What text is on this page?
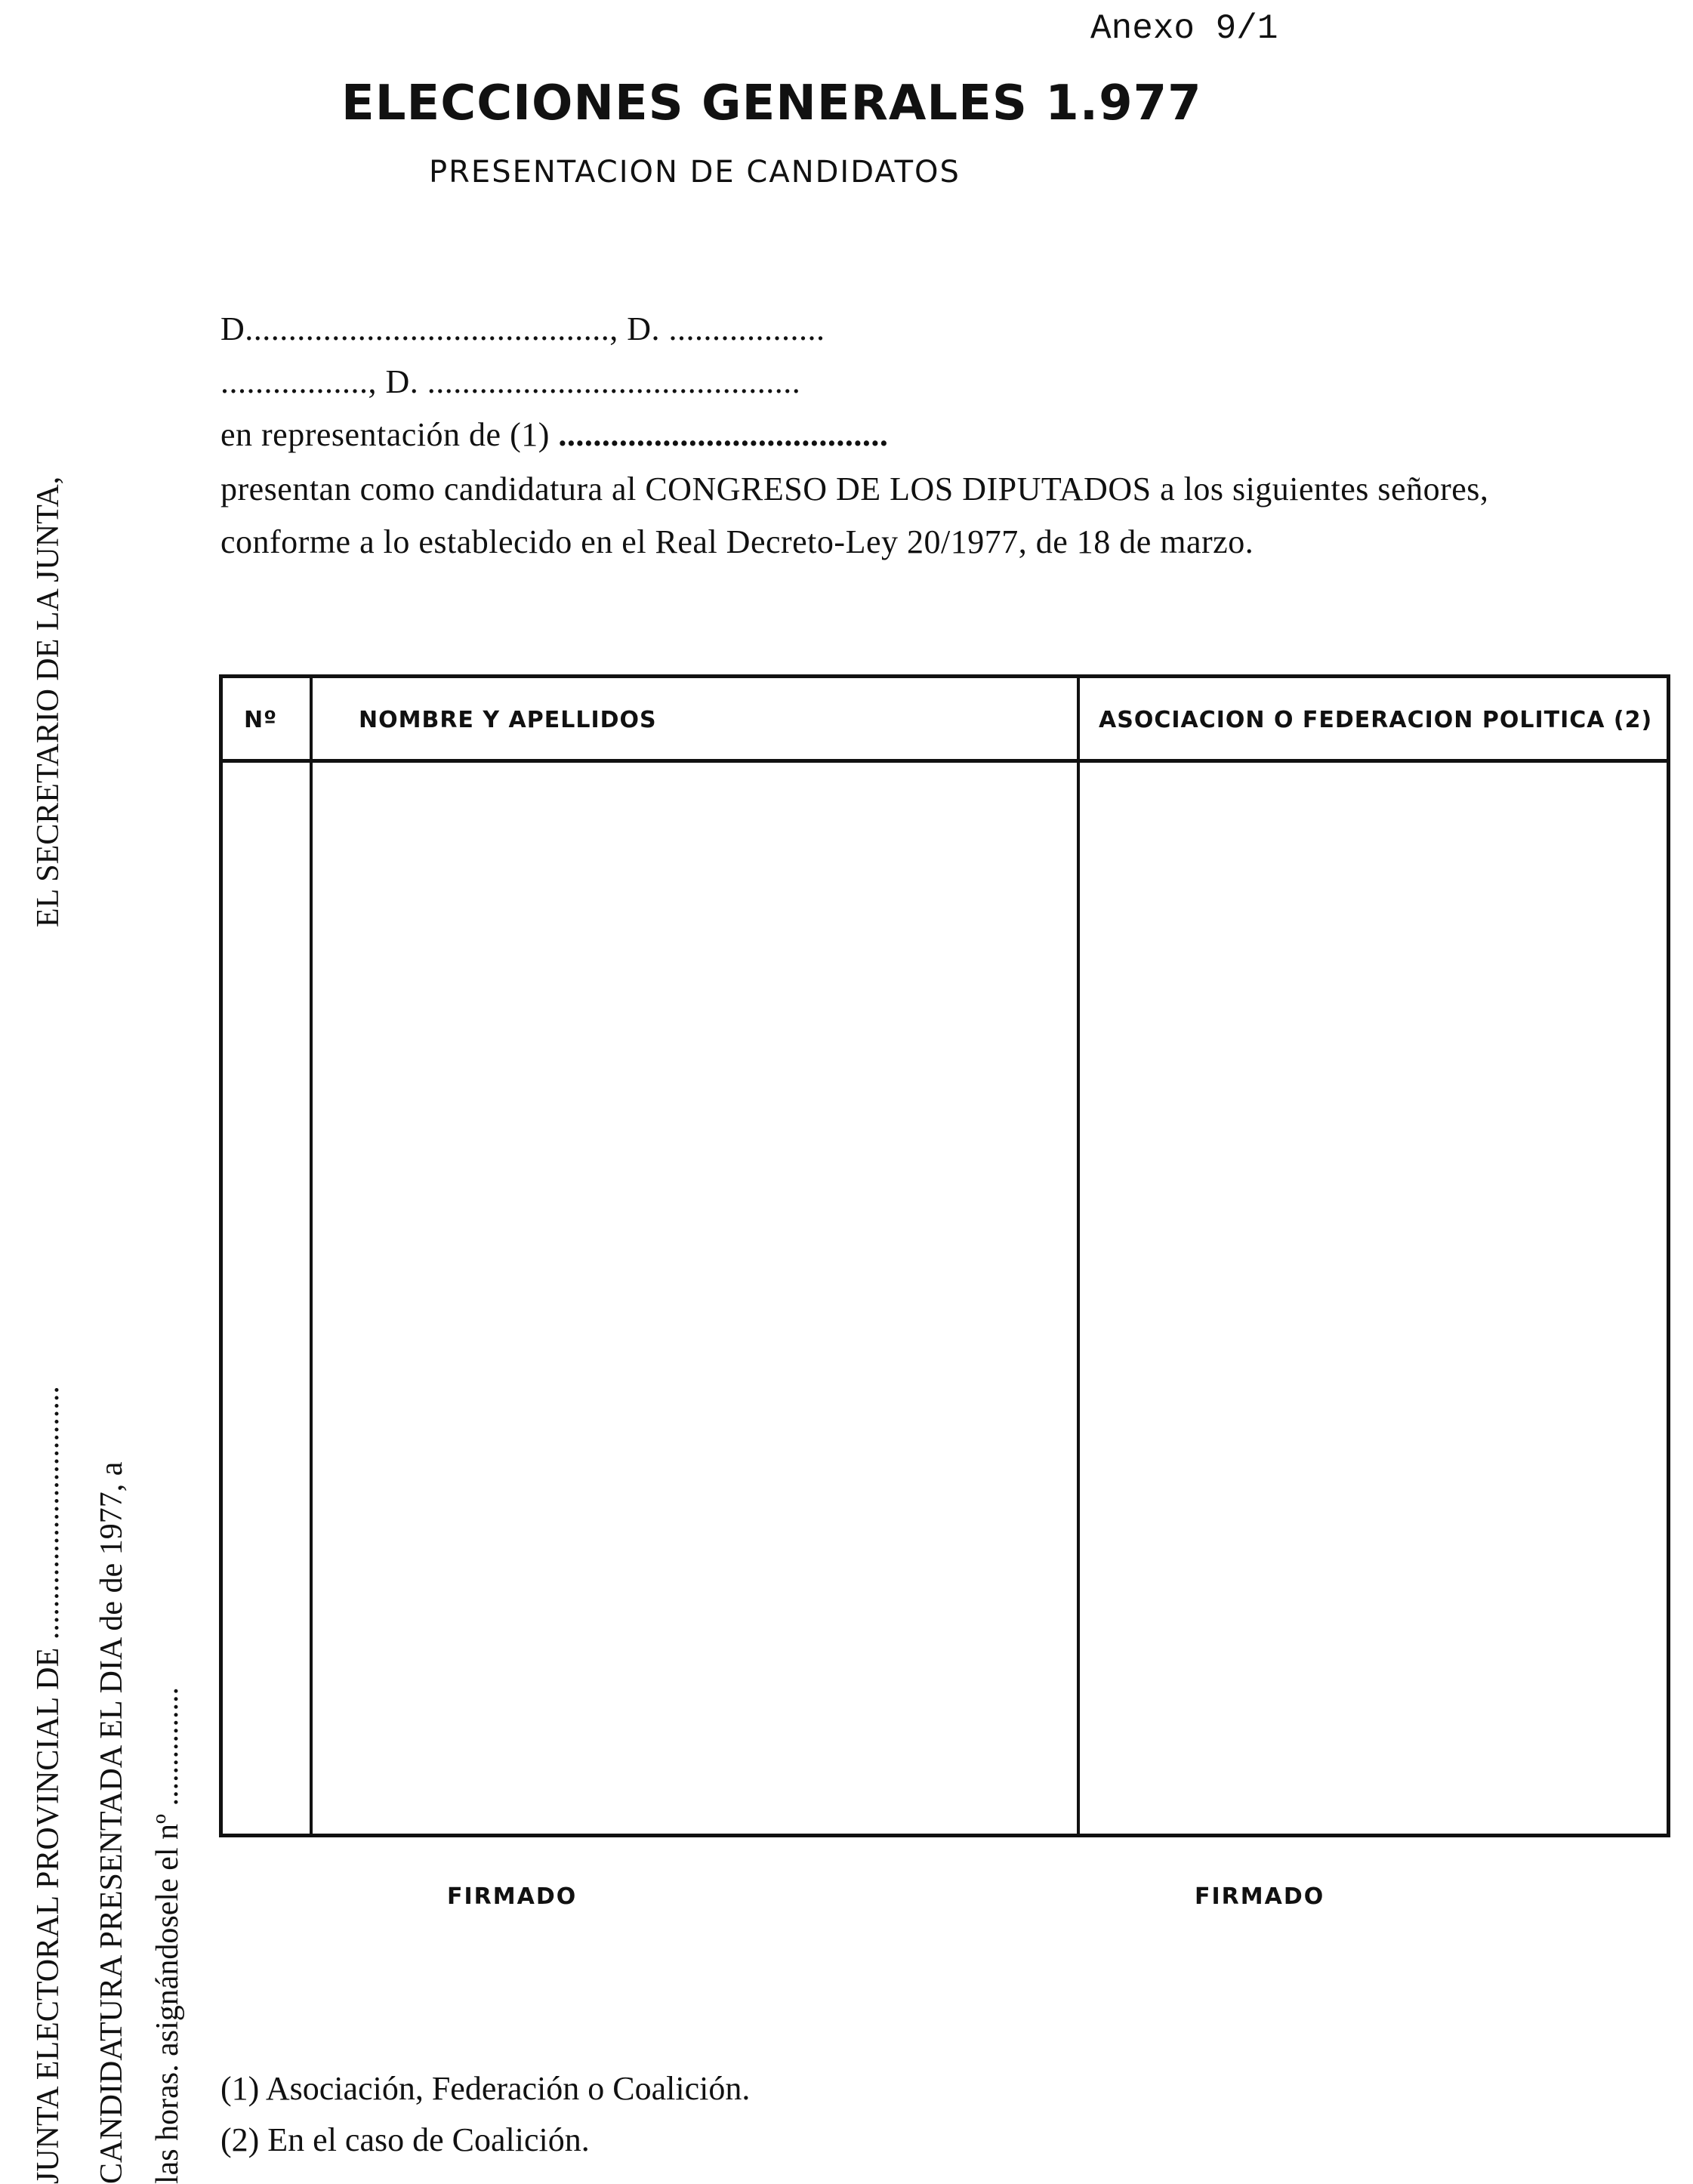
Anexo 9/1
ELECCIONES GENERALES 1.977
PRESENTACION DE CANDIDATOS
D.........................................., D. ..................
................., D. ...........................................
en representación de (1) ......................................
presentan como candidatura al CONGRESO DE LOS DIPUTADOS a los siguientes señores,
conforme a lo establecido en el Real Decreto-Ley 20/1977, de 18 de marzo.
Nº	NOMBRE Y APELLIDOS	ASOCIACION O FEDERACION POLITICA (2)
FIRMADO	FIRMADO
(1) Asociación, Federación o Coalición.
(2) En el caso de Coalición.
EL SECRETARIO DE LA JUNTA,
JUNTA ELECTORAL PROVINCIAL DE ................................ CANDIDATURA PRESENTADA EL DIA de de 1977, a las horas. asignándosele el nº ...............
